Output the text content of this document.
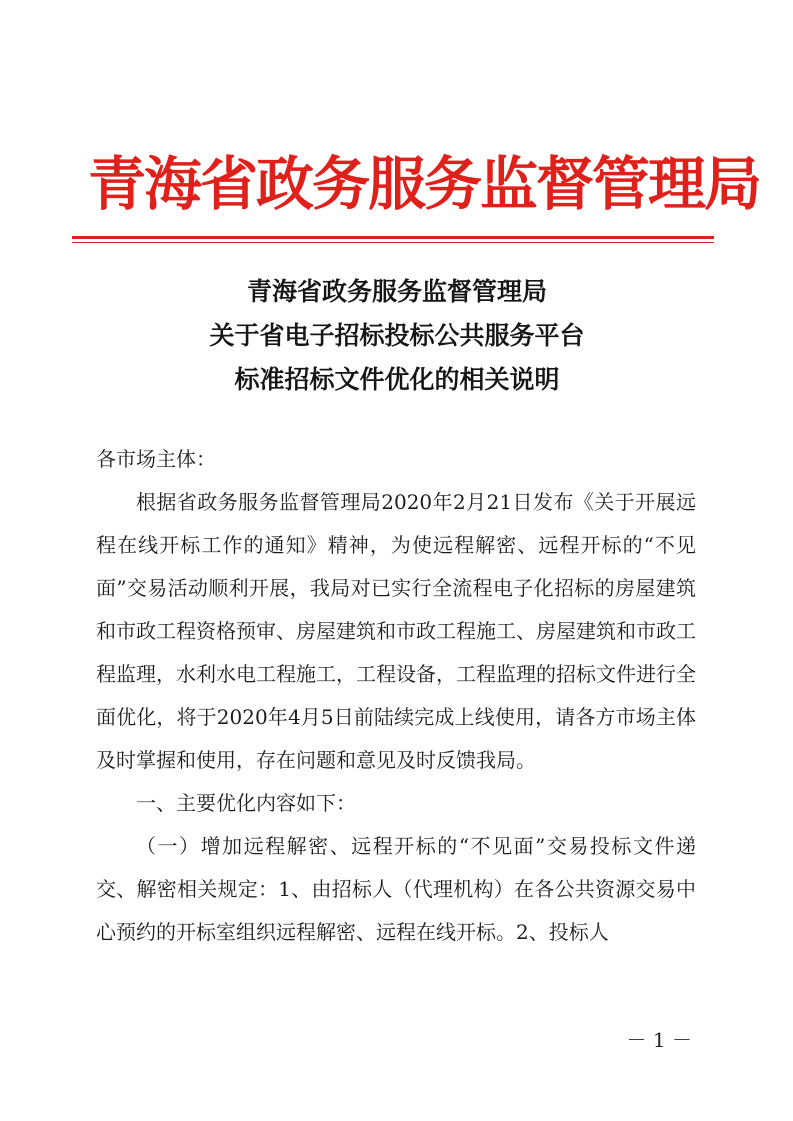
青海省政务服务监督管理局
青海省政务服务监督管理局
关于省电子招标投标公共服务平台
标准招标文件优化的相关说明

各市场主体：

根据省政务服务监督管理局2020年2月21日发布《关于开展远程在线开标工作的通知》精神，为使远程解密、远程开标的“不见面”交易活动顺利开展，我局对已实行全流程电子化招标的房屋建筑和市政工程资格预审、房屋建筑和市政工程施工、房屋建筑和市政工程监理，水利水电工程施工，工程设备，工程监理的招标文件进行全面优化，将于2020年4月5日前陆续完成上线使用，请各方市场主体及时掌握和使用，存在问题和意见及时反馈我局。

一、主要优化内容如下：

（一）增加远程解密、远程开标的“不见面”交易投标文件递交、解密相关规定：1、由招标人（代理机构）在各公共资源交易中心预约的开标室组织远程解密、远程在线开标。2、投标人

－ 1 －
